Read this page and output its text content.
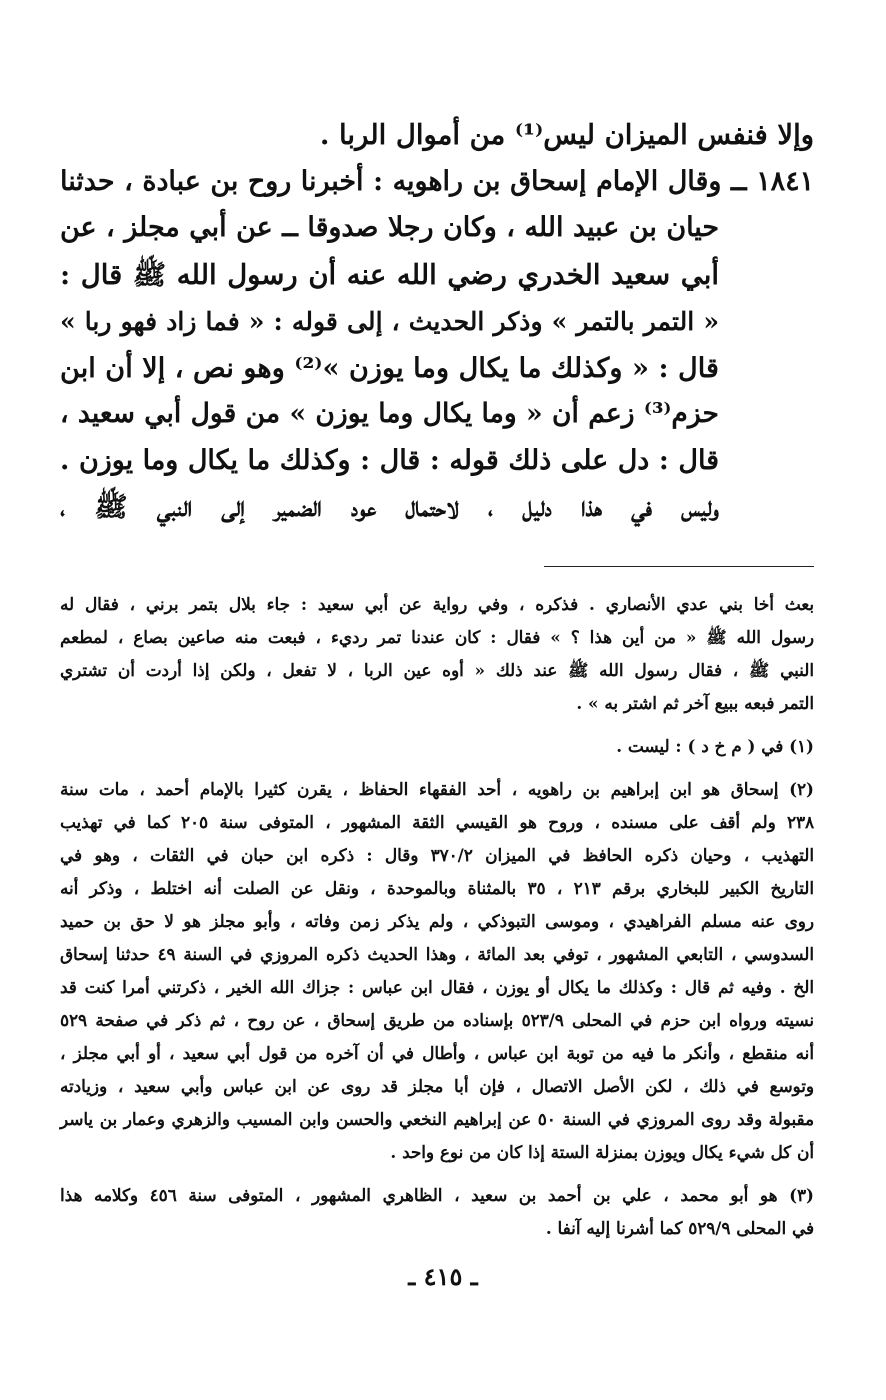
وإلا فنفس الميزان ليس⁽¹⁾ من أموال الربا .
١٨٤١ ــ وقال الإمام إسحاق بن راهويه : أخبرنا روح بن عبادة ، حدثنا
حيان بن عبيد الله ، وكان رجلا صدوقا ــ عن أبي مجلز ، عن
أبي سعيد الخدري رضي الله عنه أن رسول الله ﷺ قال :
« التمر بالتمر » وذكر الحديث ، إلى قوله : « فما زاد فهو ربا »
قال : « وكذلك ما يكال وما يوزن »⁽²⁾ وهو نص ، إلا أن ابن
حزم⁽³⁾ زعم أن « وما يكال وما يوزن » من قول أبي سعيد ،
قال : دل على ذلك قوله : قال : وكذلك ما يكال وما يوزن .
وليس في هذا دليل ، لاحتمال عود الضمير إلى النبي ﷺ ،
بعث أخا بني عدي الأنصاري . فذكره ، وفي رواية عن أبي سعيد : جاء بلال بتمر برني ، فقال له
رسول الله ﷺ « من أين هذا ؟ » فقال : كان عندنا تمر رديء ، فبعت منه صاعين بصاع ، لمطعم
النبي ﷺ ، فقال رسول الله ﷺ عند ذلك « أوه عين الربا ، لا تفعل ، ولكن إذا أردت أن تشتري
التمر فبعه ببيع آخر ثم اشتر به » .
(١) في ( م خ د ) : ليست .
(٢) إسحاق هو ابن إبراهيم بن راهويه ، أحد الفقهاء الحفاظ ، يقرن كثيرا بالإمام أحمد ، مات سنة
٢٣٨ ولم أقف على مسنده ، وروح هو القيسي الثقة المشهور ، المتوفى سنة ٢٠٥ كما في تهذيب
التهذيب ، وحيان ذكره الحافظ في الميزان ٣٧٠/٢ وقال : ذكره ابن حبان في الثقات ، وهو في
التاريخ الكبير للبخاري برقم ٢١٣ ، ٣٥ بالمثناة وبالموحدة ، ونقل عن الصلت أنه اختلط ، وذكر أنه
روى عنه مسلم الفراهيدي ، وموسى التبوذكي ، ولم يذكر زمن وفاته ، وأبو مجلز هو لا حق بن حميد
السدوسي ، التابعي المشهور ، توفي بعد المائة ، وهذا الحديث ذكره المروزي في السنة ٤٩ حدثنا إسحاق
الخ . وفيه ثم قال : وكذلك ما يكال أو يوزن ، فقال ابن عباس : جزاك الله الخير ، ذكرتني أمرا كنت قد
نسيته ورواه ابن حزم في المحلى ٥٢٣/٩ بإسناده من طريق إسحاق ، عن روح ، ثم ذكر في صفحة ٥٢٩
أنه منقطع ، وأنكر ما فيه من توبة ابن عباس ، وأطال في أن آخره من قول أبي سعيد ، أو أبي مجلز ،
وتوسع في ذلك ، لكن الأصل الاتصال ، فإن أبا مجلز قد روى عن ابن عباس وأبي سعيد ، وزيادته
مقبولة وقد روى المروزي في السنة ٥٠ عن إبراهيم النخعي والحسن وابن المسيب والزهري وعمار بن ياسر
أن كل شيء يكال ويوزن بمنزلة الستة إذا كان من نوع واحد .
(٣) هو أبو محمد ، علي بن أحمد بن سعيد ، الظاهري المشهور ، المتوفى سنة ٤٥٦ وكلامه هذا
في المحلى ٥٢٩/٩ كما أشرنا إليه آنفا .
ـ ٤١٥ ـ
